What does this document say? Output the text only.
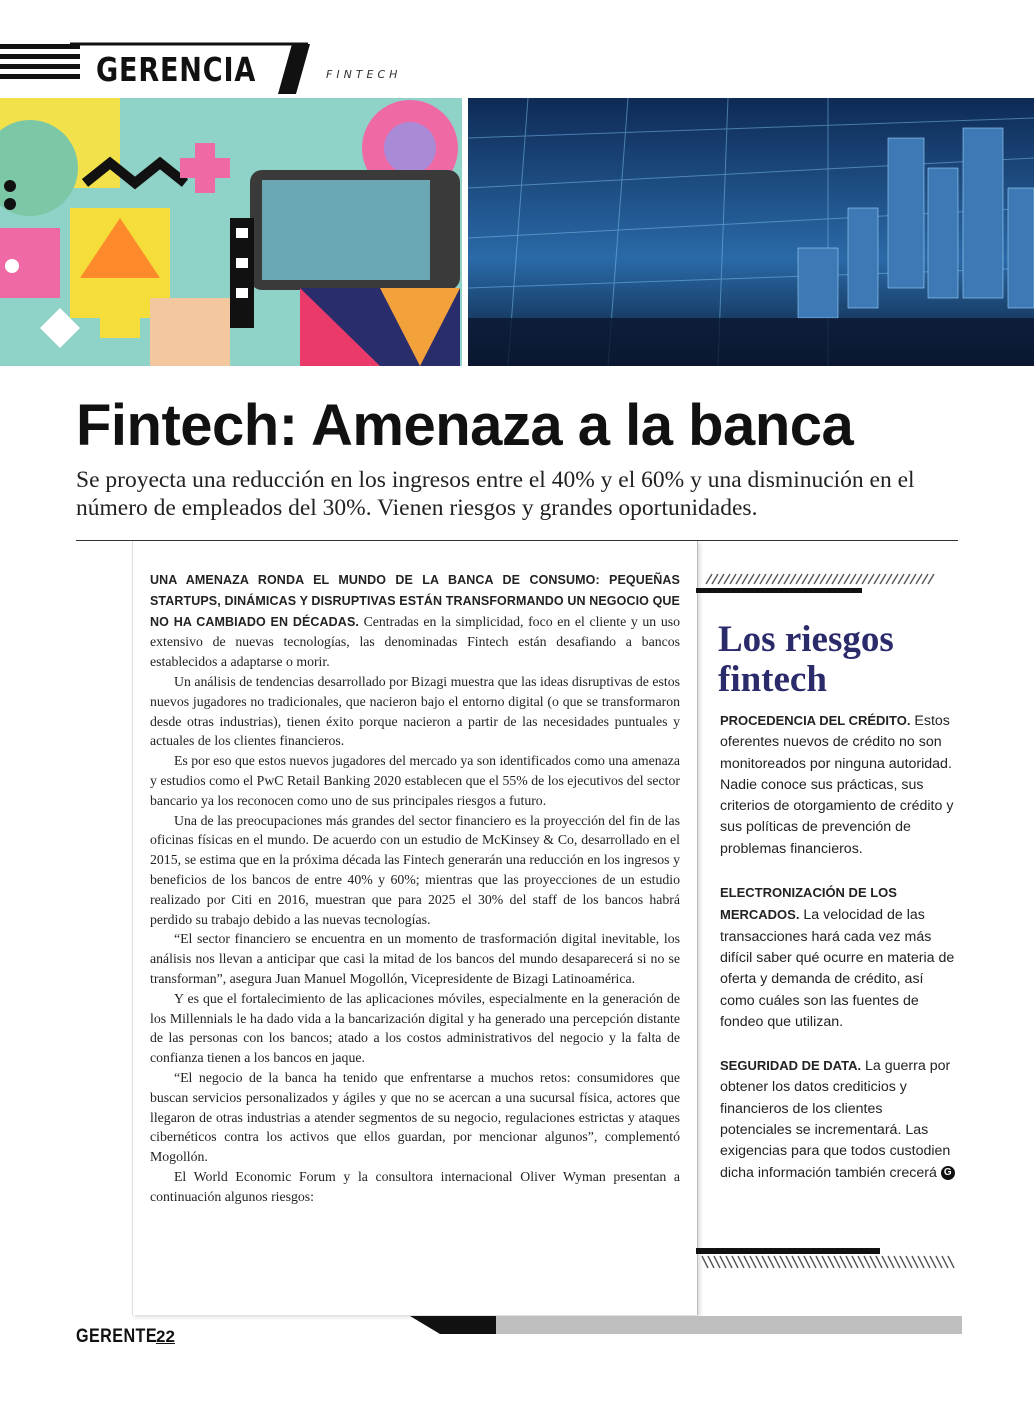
GERENCIA	FINTECH
Fintech: Amenaza a la banca
Se proyecta una reducción en los ingresos entre el 40% y el 60% y una disminución en el número de empleados del 30%. Vienen riesgos y grandes oportunidades.

UNA AMENAZA RONDA EL MUNDO DE LA BANCA DE CONSUMO: PEQUEÑAS STARTUPS, DINÁMICAS Y DISRUPTIVAS ESTÁN TRANSFORMANDO UN NEGOCIO QUE NO HA CAMBIADO EN DÉCADAS. Centradas en la simplicidad, foco en el cliente y un uso extensivo de nuevas tecnologías, las denominadas Fintech están desafiando a bancos establecidos a adaptarse o morir.

Un análisis de tendencias desarrollado por Bizagi muestra que las ideas disruptivas de estos nuevos jugadores no tradicionales, que nacieron bajo el entorno digital (o que se transformaron desde otras industrias), tienen éxito porque nacieron a partir de las necesidades puntuales y actuales de los clientes financieros.

Es por eso que estos nuevos jugadores del mercado ya son identificados como una amenaza y estudios como el PwC Retail Banking 2020 establecen que el 55% de los ejecutivos del sector bancario ya los reconocen como uno de sus principales riesgos a futuro.

Una de las preocupaciones más grandes del sector financiero es la proyección del fin de las oficinas físicas en el mundo. De acuerdo con un estudio de McKinsey & Co, desarrollado en el 2015, se estima que en la próxima década las Fintech generarán una reducción en los ingresos y beneficios de los bancos de entre 40% y 60%; mientras que las proyecciones de un estudio realizado por Citi en 2016, muestran que para 2025 el 30% del staff de los bancos habrá perdido su trabajo debido a las nuevas tecnologías.

“El sector financiero se encuentra en un momento de trasformación digital inevitable, los análisis nos llevan a anticipar que casi la mitad de los bancos del mundo desaparecerá si no se transforman”, asegura Juan Manuel Mogollón, Vicepresidente de Bizagi Latinoamérica.

Y es que el fortalecimiento de las aplicaciones móviles, especialmente en la generación de los Millennials le ha dado vida a la bancarización digital y ha generado una percepción distante de las personas con los bancos; atado a los costos administrativos del negocio y la falta de confianza tienen a los bancos en jaque.

“El negocio de la banca ha tenido que enfrentarse a muchos retos: consumidores que buscan servicios personalizados y ágiles y que no se acercan a una sucursal física, actores que llegaron de otras industrias a atender segmentos de su negocio, regulaciones estrictas y ataques cibernéticos contra los activos que ellos guardan, por mencionar algunos”, complementó Mogollón.

El World Economic Forum y la consultora internacional Oliver Wyman presentan a continuación algunos riesgos:

Los riesgos fintech

PROCEDENCIA DEL CRÉDITO. Estos oferentes nuevos de crédito no son monitoreados por ninguna autoridad. Nadie conoce sus prácticas, sus criterios de otorgamiento de crédito y sus políticas de prevención de problemas financieros.

ELECTRONIZACIÓN DE LOS MERCADOS. La velocidad de las transacciones hará cada vez más difícil saber qué ocurre en materia de oferta y demanda de crédito, así como cuáles son las fuentes de fondeo que utilizan.

SEGURIDAD DE DATA. La guerra por obtener los datos crediticios y financieros de los clientes potenciales se incrementará. Las exigencias para que todos custodien dicha información también crecerá G

GERENTE
22
